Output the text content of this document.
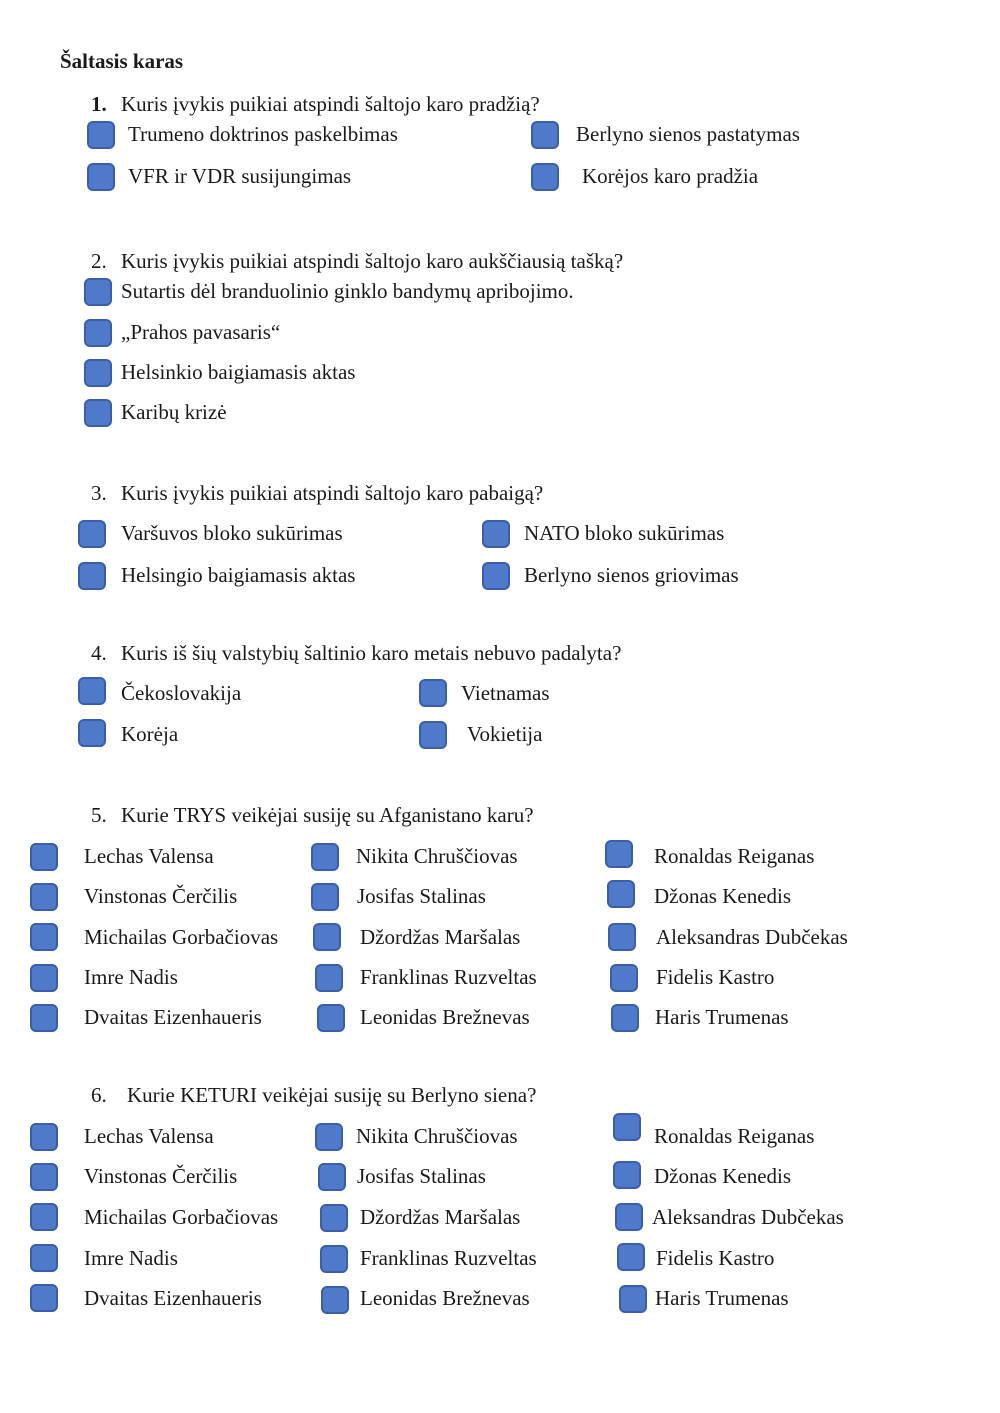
Šaltasis karas
1. Kuris įvykis puikiai atspindi šaltojo karo pradžią?
Trumeno doktrinos paskelbimas	Berlyno sienos pastatymas
VFR ir VDR susijungimas	Korėjos karo pradžia
2. Kuris įvykis puikiai atspindi šaltojo karo aukščiausią tašką?
Sutartis dėl branduolinio ginklo bandymų apribojimo.
„Prahos pavasaris“
Helsinkio baigiamasis aktas
Karibų krizė
3. Kuris įvykis puikiai atspindi šaltojo karo pabaigą?
Varšuvos bloko sukūrimas	NATO bloko sukūrimas
Helsingio baigiamasis aktas	Berlyno sienos griovimas
4. Kuris iš šių valstybių šaltinio karo metais nebuvo padalyta?
Čekoslovakija	Vietnamas
Korėja	Vokietija
5. Kurie TRYS veikėjai susiję su Afganistano karu?
Lechas Valensa	Nikita Chruščiovas	Ronaldas Reiganas
Vinstonas Čerčilis	Josifas Stalinas	Džonas Kenedis
Michailas Gorbačiovas	Džordžas Maršalas	Aleksandras Dubčekas
Imre Nadis	Franklinas Ruzveltas	Fidelis Kastro
Dvaitas Eizenhaueris	Leonidas Brežnevas	Haris Trumenas
6. Kurie KETURI veikėjai susiję su Berlyno siena?
Lechas Valensa	Nikita Chruščiovas	Ronaldas Reiganas
Vinstonas Čerčilis	Josifas Stalinas	Džonas Kenedis
Michailas Gorbačiovas	Džordžas Maršalas	Aleksandras Dubčekas
Imre Nadis	Franklinas Ruzveltas	Fidelis Kastro
Dvaitas Eizenhaueris	Leonidas Brežnevas	Haris Trumenas
